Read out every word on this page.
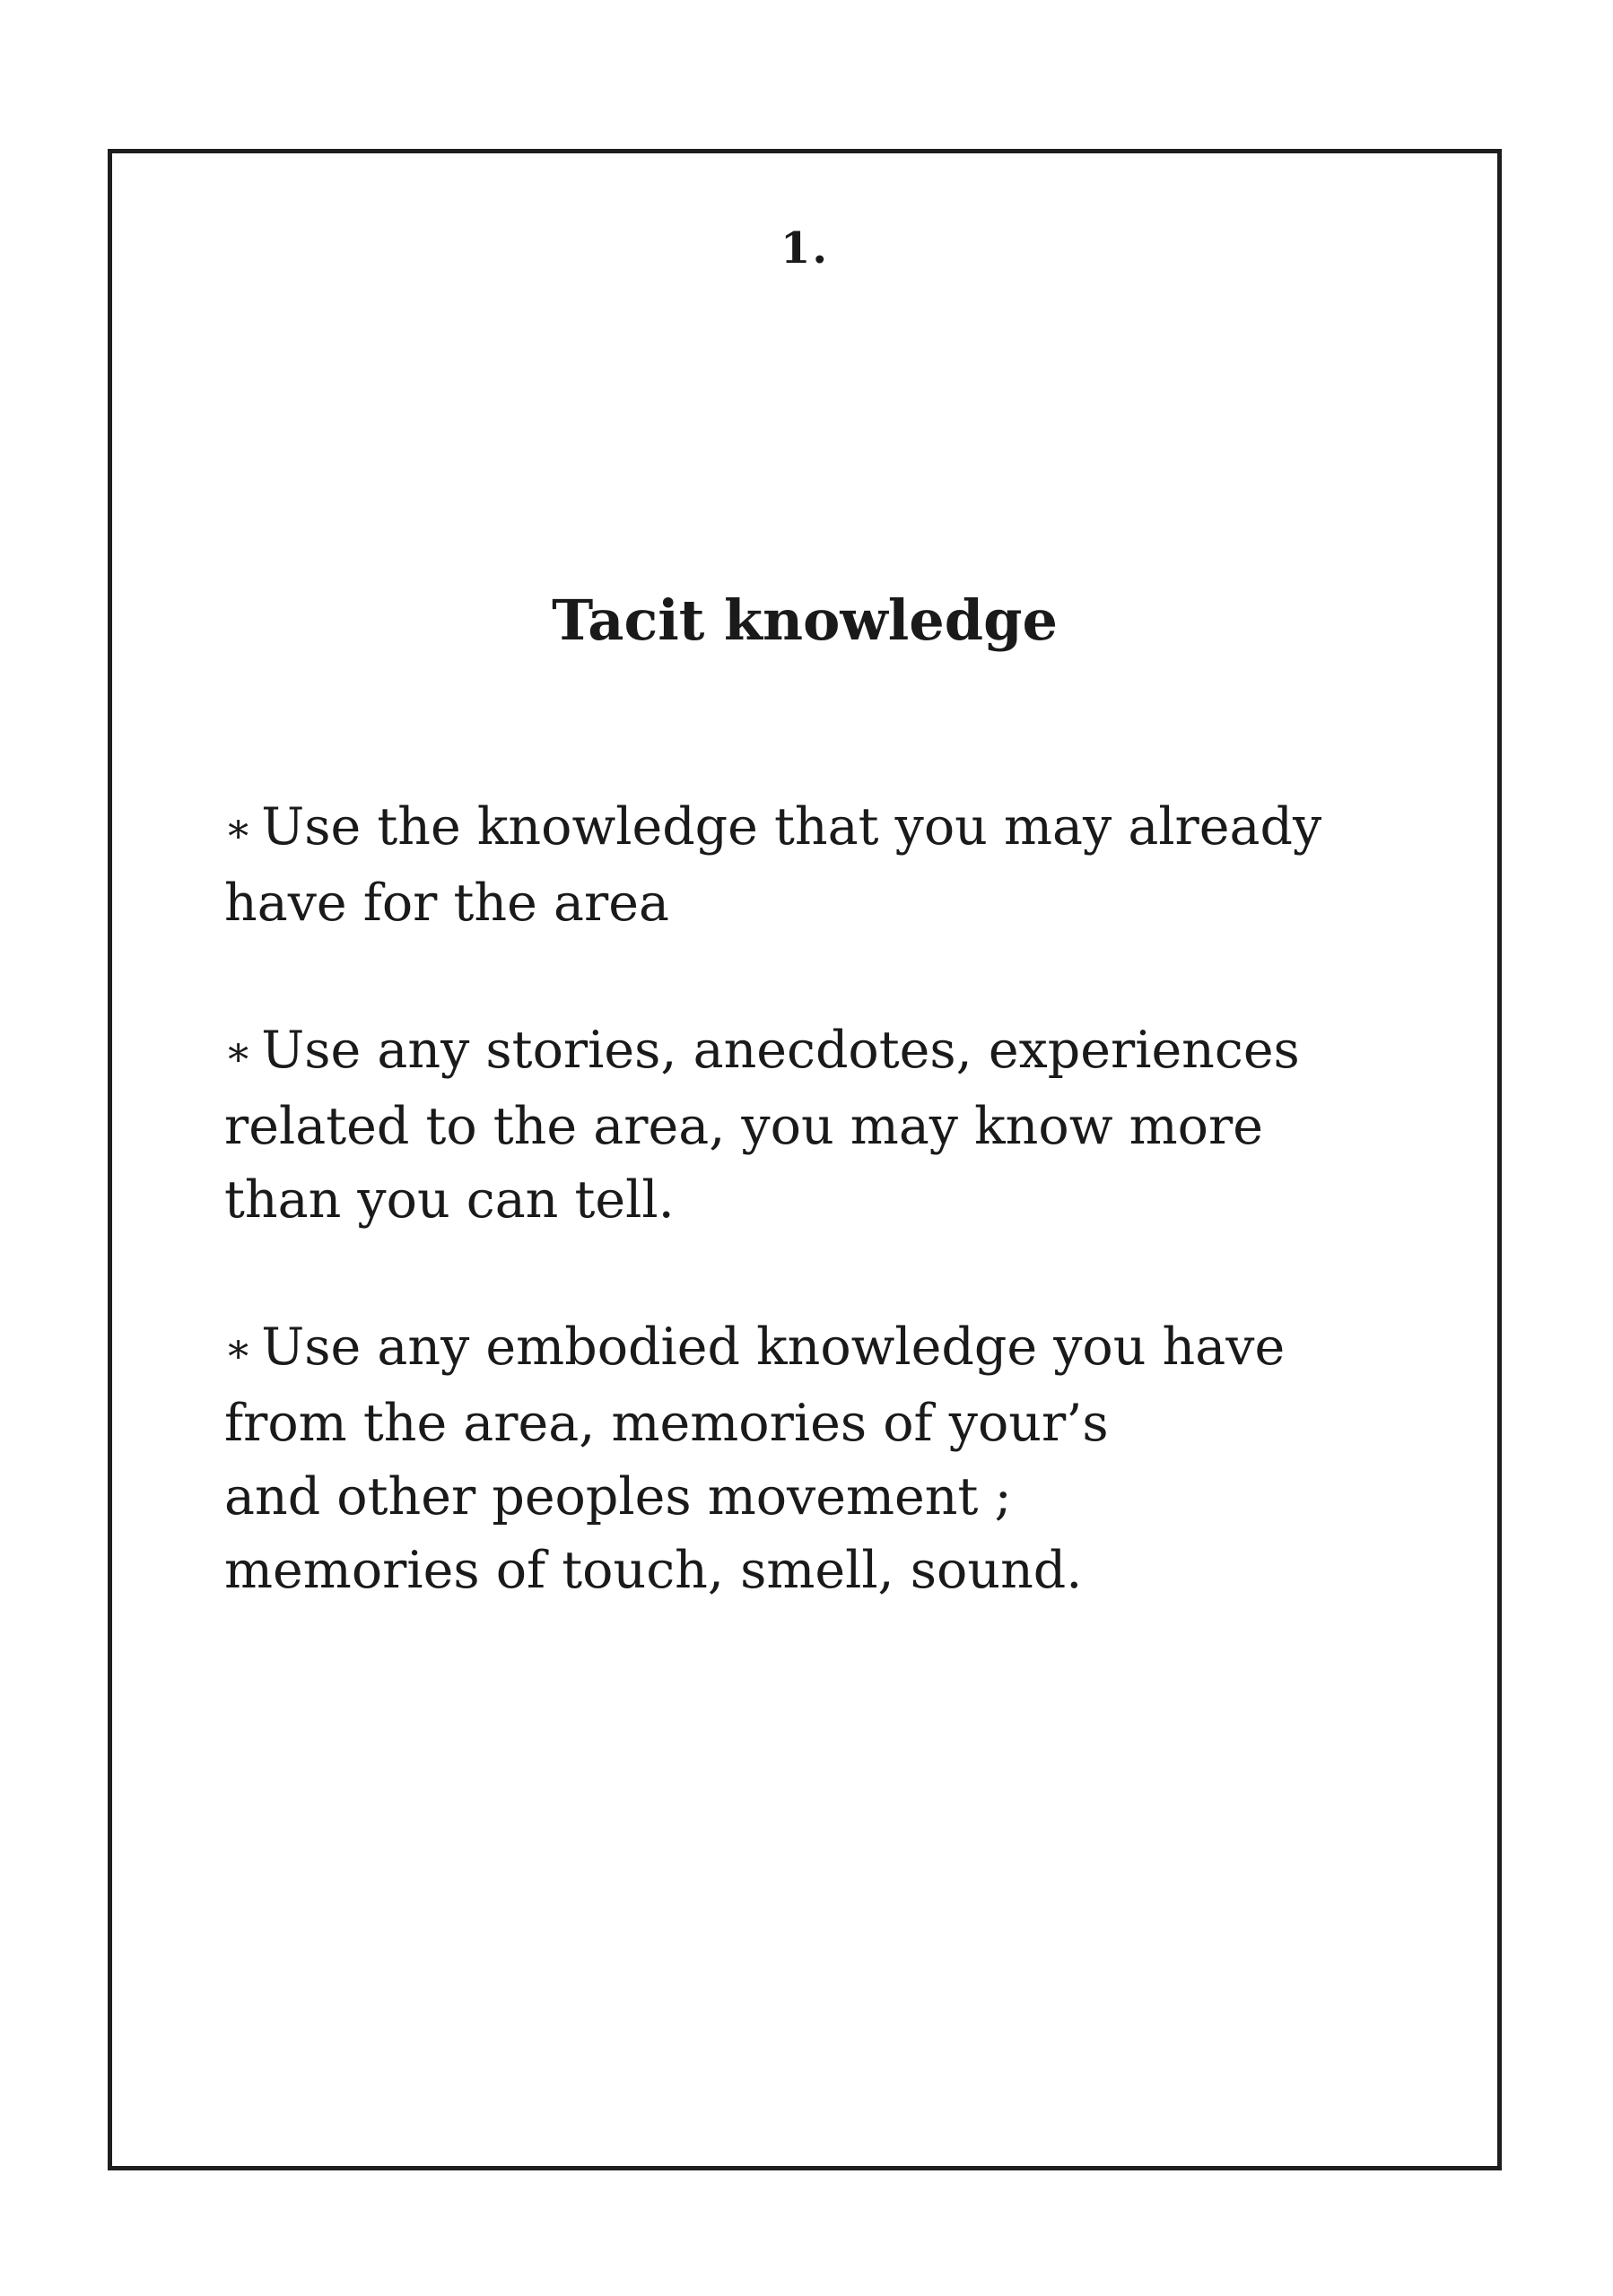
1.
Tacit knowledge
∗ Use the knowledge that you may already
have for the area
∗ Use any stories, anecdotes, experiences
related to the area, you may know more
than you can tell.
∗ Use any embodied knowledge you have
from the area, memories of your’s
and other peoples movement ;
memories of touch, smell, sound.
